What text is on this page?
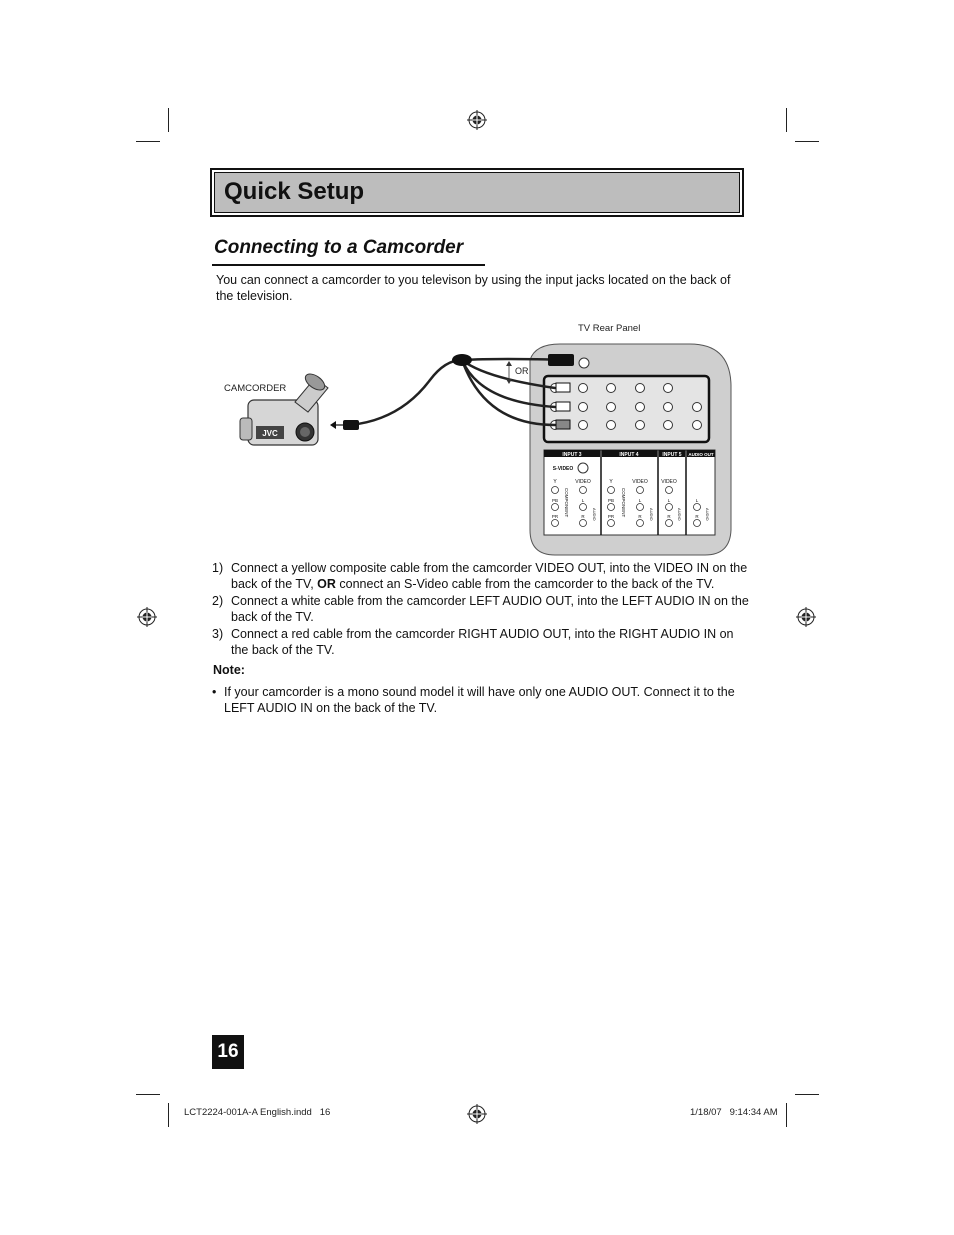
Quick Setup
Connecting to a Camcorder
You can connect a camcorder to you televison by using the input jacks located on the back of the television.
TV Rear Panel
CAMCORDER
INPUT 3	INPUT 4	INPUT 5 AUDIO OUT
S-VIDEO
Y	VIDEO	Y	VIDEO	VIDEO
PB
PR
PB
PR
L
R
L
R
L
R
L
R
COMPONENT	COMPONENT
AUDIO	AUDIO	AUDIO	AUDIO
OR
JVC
1) Connect a yellow composite cable from the camcorder VIDEO OUT, into the VIDEO IN on the back of the TV, OR connect an S-Video cable from the camcorder to the back of the TV.
2) Connect a white cable from the camcorder LEFT AUDIO OUT, into the LEFT AUDIO IN on the back of the TV.
3) Connect a red cable from the camcorder RIGHT AUDIO OUT, into the RIGHT AUDIO IN on the back of the TV.
Note:
• If your camcorder is a mono sound model it will have only one AUDIO OUT. Connect it to the LEFT AUDIO IN on the back of the TV.
16
LCT2224-001A-A English.indd   16	1/18/07   9:14:34 AM
